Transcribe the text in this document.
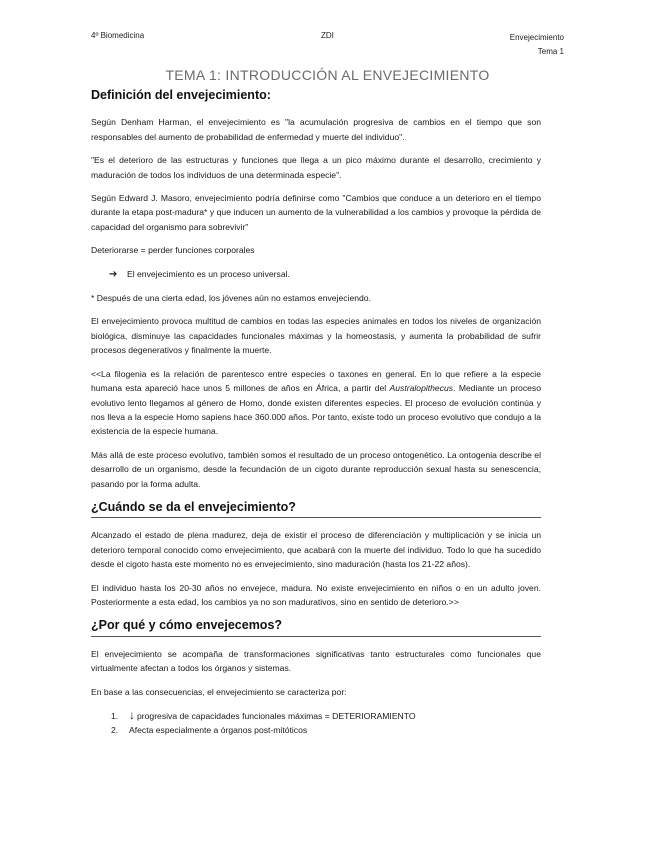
4º Biomedicina	ZDI	Envejecimiento
Tema 1
TEMA 1: INTRODUCCIÓN AL ENVEJECIMIENTO
Definición del envejecimiento:

Según Denham Harman, el envejecimiento es "la acumulación progresiva de cambios en el tiempo que son responsables del aumento de probabilidad de enfermedad y muerte del individuo".

"Es el deterioro de las estructuras y funciones que llega a un pico máximo durante el desarrollo, crecimiento y maduración de todos los individuos de una determinada especie".

Según Edward J. Masoro, envejecimiento podría definirse como "Cambios que conduce a un deterioro en el tiempo durante la etapa post-madura* y que inducen un aumento de la vulnerabilidad a los cambios y provoque la pérdida de capacidad del organismo para sobrevivir"

Deteriorarse = perder funciones corporales

➔ El envejecimiento es un proceso universal.

* Después de una cierta edad, los jóvenes aún no estamos envejeciendo.

El envejecimiento provoca multitud de cambios en todas las especies animales en todos los niveles de organización biológica, disminuye las capacidades funcionales máximas y la homeostasis, y aumenta la probabilidad de sufrir procesos degenerativos y finalmente la muerte.

<<La filogenia es la relación de parentesco entre especies o taxones en general. En lo que refiere a la especie humana esta apareció hace unos 5 millones de años en África, a partir del Australopithecus. Mediante un proceso evolutivo lento llegamos al género de Homo, donde existen diferentes especies. El proceso de evolución continúa y nos lleva a la especie Homo sapiens hace 360.000 años. Por tanto, existe todo un proceso evolutivo que condujo a la existencia de la especie humana.

Más allá de este proceso evolutivo, también somos el resultado de un proceso ontogenético. La ontogenia describe el desarrollo de un organismo, desde la fecundación de un cigoto durante reproducción sexual hasta su senescencia, pasando por la forma adulta.

¿Cuándo se da el envejecimiento?

Alcanzado el estado de plena madurez, deja de existir el proceso de diferenciación y multiplicación y se inicia un deterioro temporal conocido como envejecimiento, que acabará con la muerte del individuo. Todo lo que ha sucedido desde el cigoto hasta este momento no es envejecimiento, sino maduración (hasta los 21-22 años).

El individuo hasta los 20-30 años no envejece, madura. No existe envejecimiento en niños o en un adulto joven. Posteriormente a esta edad, los cambios ya no son madurativos, sino en sentido de deterioro.>>

¿Por qué y cómo envejecemos?

El envejecimiento se acompaña de transformaciones significativas tanto estructurales como funcionales que virtualmente afectan a todos los órganos y sistemas.

En base a las consecuencias, el envejecimiento se caracteriza por:

1. ↓ progresiva de capacidades funcionales máximas = DETERIORAMIENTO
2. Afecta especialmente a órganos post-mitóticos
